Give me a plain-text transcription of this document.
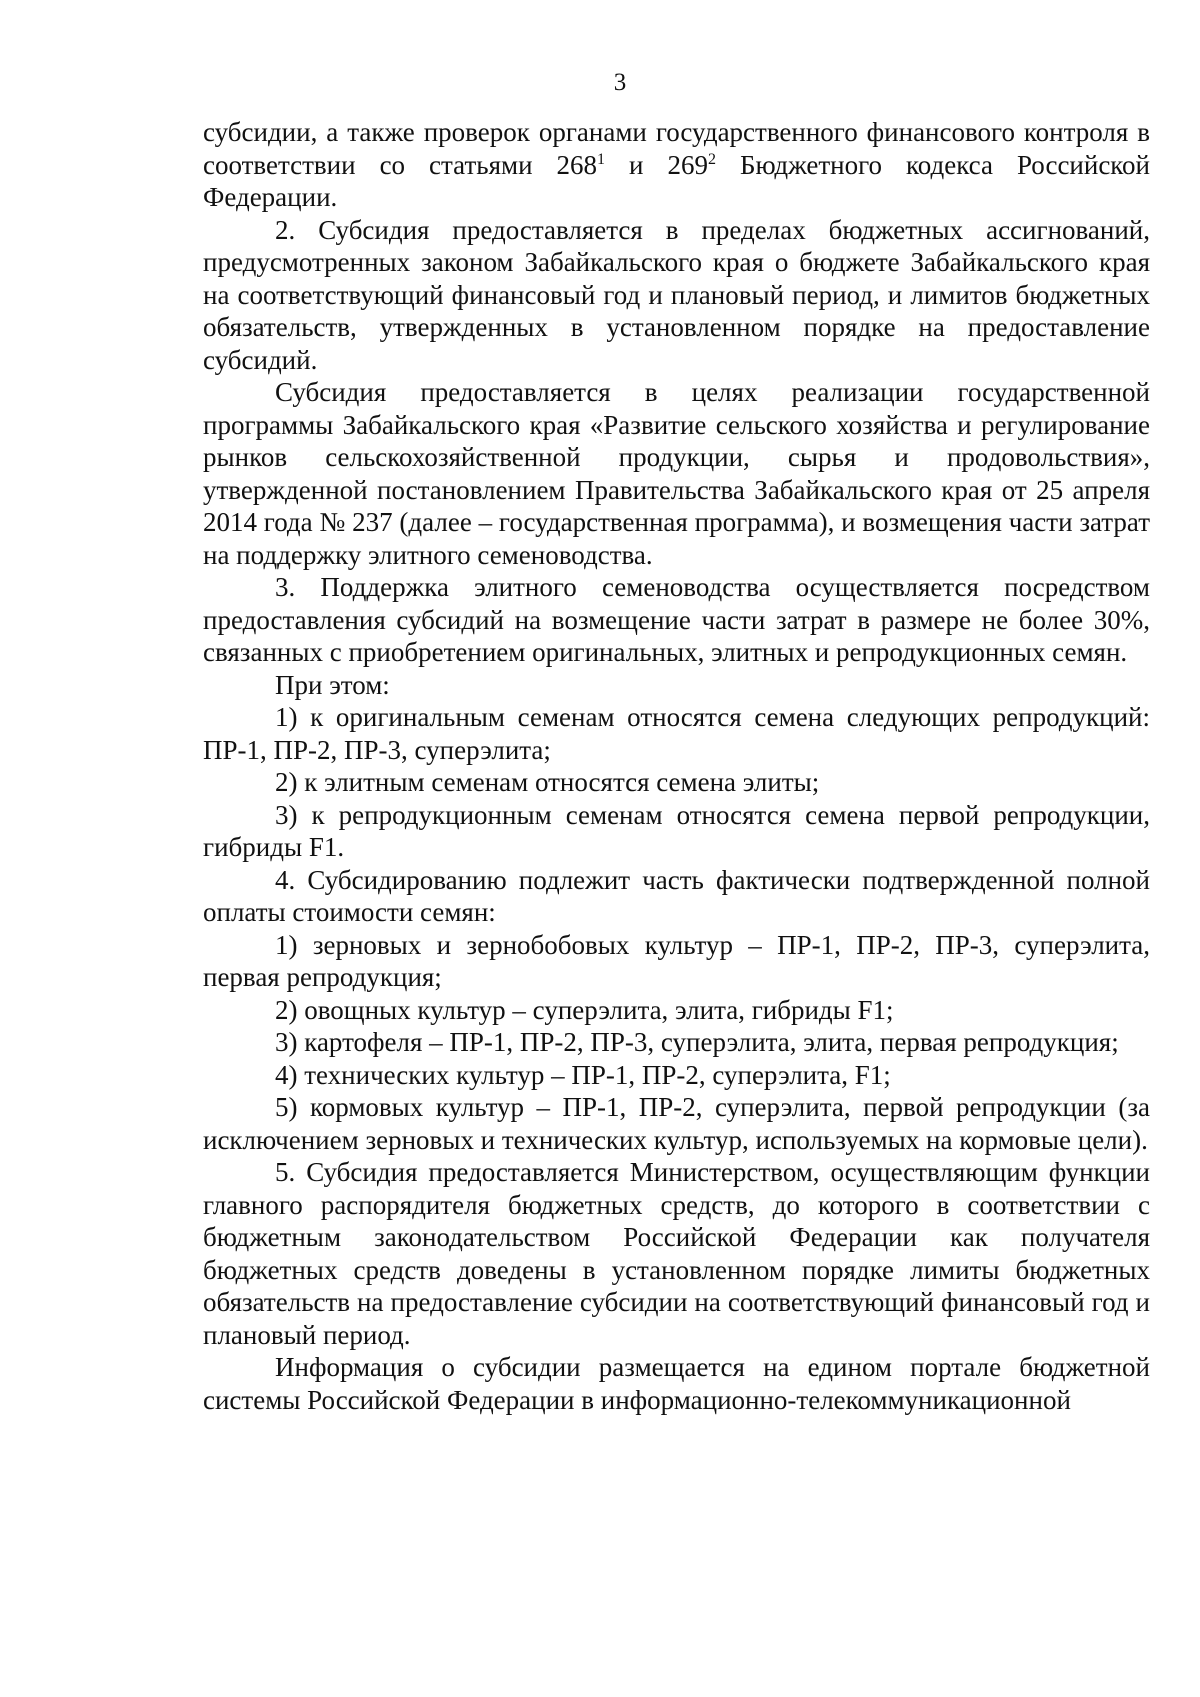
3

субсидии, а также проверок органами государственного финансового контроля в соответствии со статьями $268^1$ и $269^2$ Бюджетного кодекса Российской Федерации.

2. Субсидия предоставляется в пределах бюджетных ассигнований, предусмотренных законом Забайкальского края о бюджете Забайкальского края на соответствующий финансовый год и плановый период, и лимитов бюджетных обязательств, утвержденных в установленном порядке на предоставление субсидий.

Субсидия предоставляется в целях реализации государственной программы Забайкальского края «Развитие сельского хозяйства и регулирование рынков сельскохозяйственной продукции, сырья и продовольствия», утвержденной постановлением Правительства Забайкальского края от 25 апреля 2014 года № 237 (далее – государственная программа), и возмещения части затрат на поддержку элитного семеноводства.

3. Поддержка элитного семеноводства осуществляется посредством предоставления субсидий на возмещение части затрат в размере не более 30%, связанных с приобретением оригинальных, элитных и репродукционных семян.

При этом:

1) к оригинальным семенам относятся семена следующих репродукций: ПР-1, ПР-2, ПР-3, суперэлита;

2) к элитным семенам относятся семена элиты;

3) к репродукционным семенам относятся семена первой репродукции, гибриды F1.

4. Субсидированию подлежит часть фактически подтвержденной полной оплаты стоимости семян:

1) зерновых и зернобобовых культур – ПР-1, ПР-2, ПР-3, суперэлита, первая репродукция;

2) овощных культур – суперэлита, элита, гибриды F1;

3) картофеля – ПР-1, ПР-2, ПР-3, суперэлита, элита, первая репродукция;

4) технических культур – ПР-1, ПР-2, суперэлита, F1;

5) кормовых культур – ПР-1, ПР-2, суперэлита, первой репродукции (за исключением зерновых и технических культур, используемых на кормовые цели).

5. Субсидия предоставляется Министерством, осуществляющим функции главного распорядителя бюджетных средств, до которого в соответствии с бюджетным законодательством Российской Федерации как получателя бюджетных средств доведены в установленном порядке лимиты бюджетных обязательств на предоставление субсидии на соответствующий финансовый год и плановый период.

Информация о субсидии размещается на едином портале бюджетной системы Российской Федерации в информационно-телекоммуникационной
